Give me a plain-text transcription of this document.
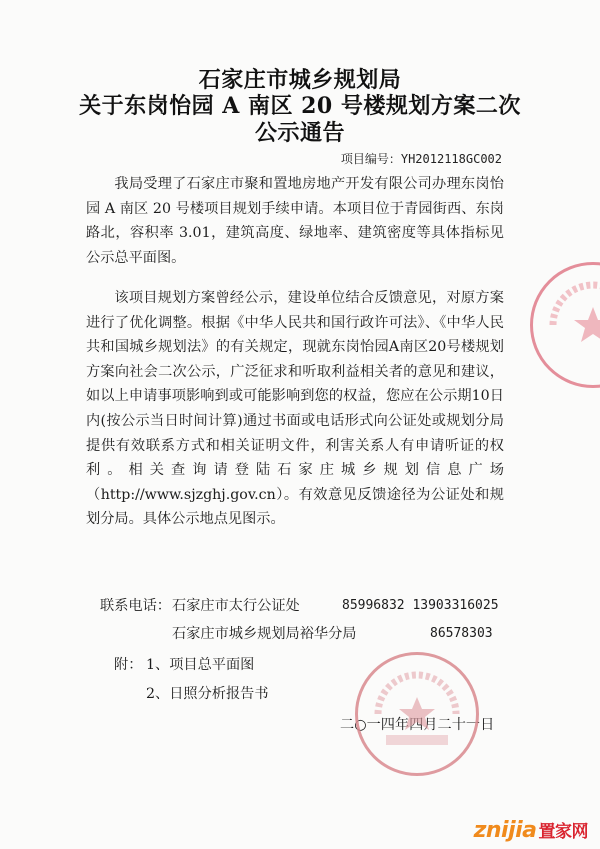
石家庄市城乡规划局
关于东岗怡园 A 南区 20 号楼规划方案二次
公示通告
项目编号：YH2012118GC002

我局受理了石家庄市聚和置地房地产开发有限公司办理东岗怡园 A 南区 20 号楼项目规划手续申请。本项目位于青园街西、东岗路北，容积率 3.01，建筑高度、绿地率、建筑密度等具体指标见公示总平面图。

该项目规划方案曾经公示，建设单位结合反馈意见，对原方案进行了优化调整。根据《中华人民共和国行政许可法》、《中华人民共和国城乡规划法》的有关规定，现就东岗怡园A南区20号楼规划方案向社会二次公示，广泛征求和听取利益相关者的意见和建议，如以上申请事项影响到或可能影响到您的权益，您应在公示期10日内(按公示当日时间计算)通过书面或电话形式向公证处或规划分局提供有效联系方式和相关证明文件，利害关系人有申请听证的权利。相关查询请登陆石家庄城乡规划信息广场（http://www.sjzghj.gov.cn）。有效意见反馈途径为公证处和规划分局。具体公示地点见图示。

联系电话： 石家庄市太行公证处	85996832 13903316025
石家庄市城乡规划局裕华分局	86578303
附： 1、项目总平面图
2、日照分析报告书
二○一四年四月二十一日
znijia 置家网
